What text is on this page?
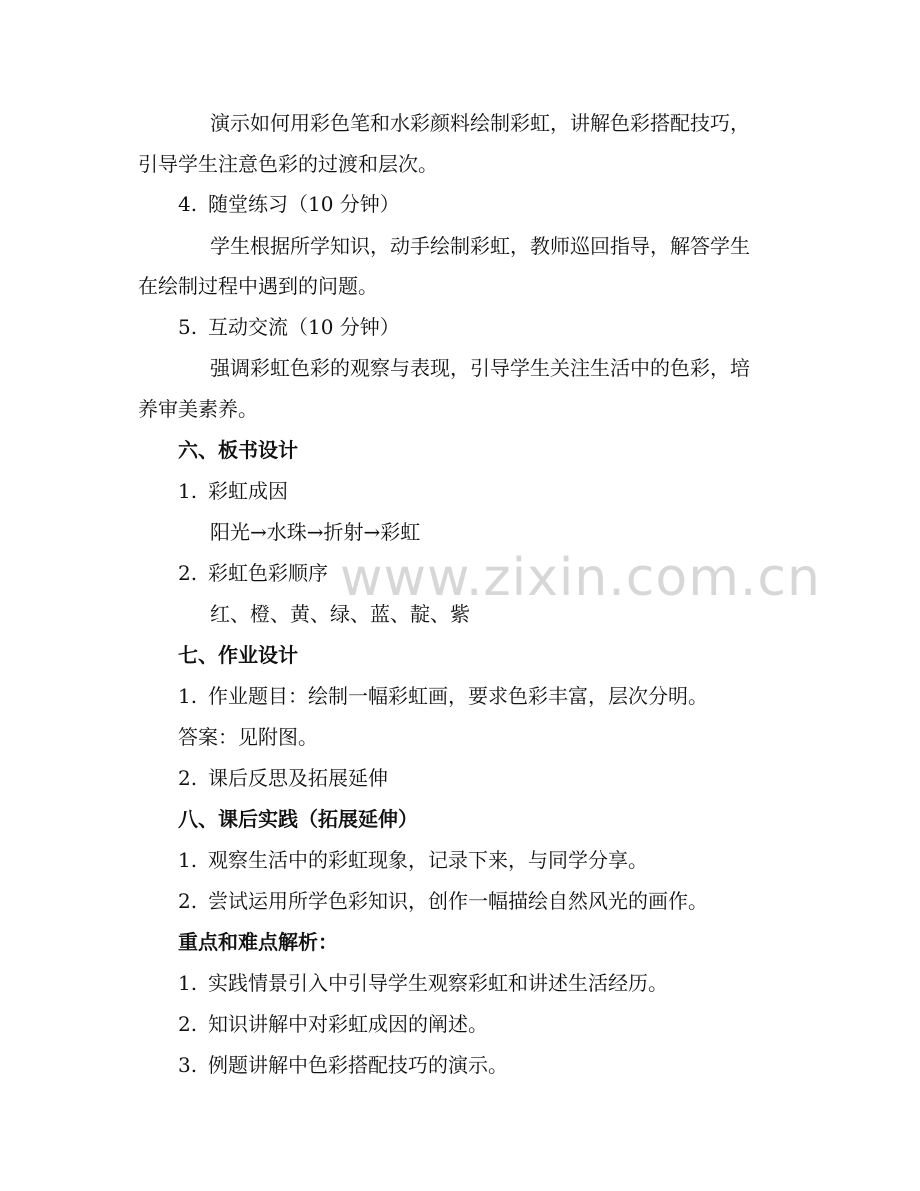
www.zixin.com.cn
演示如何用彩色笔和水彩颜料绘制彩虹，讲解色彩搭配技巧，
引导学生注意色彩的过渡和层次。
4. 随堂练习（10 分钟）
学生根据所学知识，动手绘制彩虹，教师巡回指导，解答学生
在绘制过程中遇到的问题。
5. 互动交流（10 分钟）
强调彩虹色彩的观察与表现，引导学生关注生活中的色彩，培
养审美素养。
六、板书设计
1. 彩虹成因
阳光→水珠→折射→彩虹
2. 彩虹色彩顺序
红、橙、黄、绿、蓝、靛、紫
七、作业设计
1. 作业题目：绘制一幅彩虹画，要求色彩丰富，层次分明。
答案：见附图。
2. 课后反思及拓展延伸
八、课后实践（拓展延伸）
1. 观察生活中的彩虹现象，记录下来，与同学分享。
2. 尝试运用所学色彩知识，创作一幅描绘自然风光的画作。
重点和难点解析：
1. 实践情景引入中引导学生观察彩虹和讲述生活经历。
2. 知识讲解中对彩虹成因的阐述。
3. 例题讲解中色彩搭配技巧的演示。
